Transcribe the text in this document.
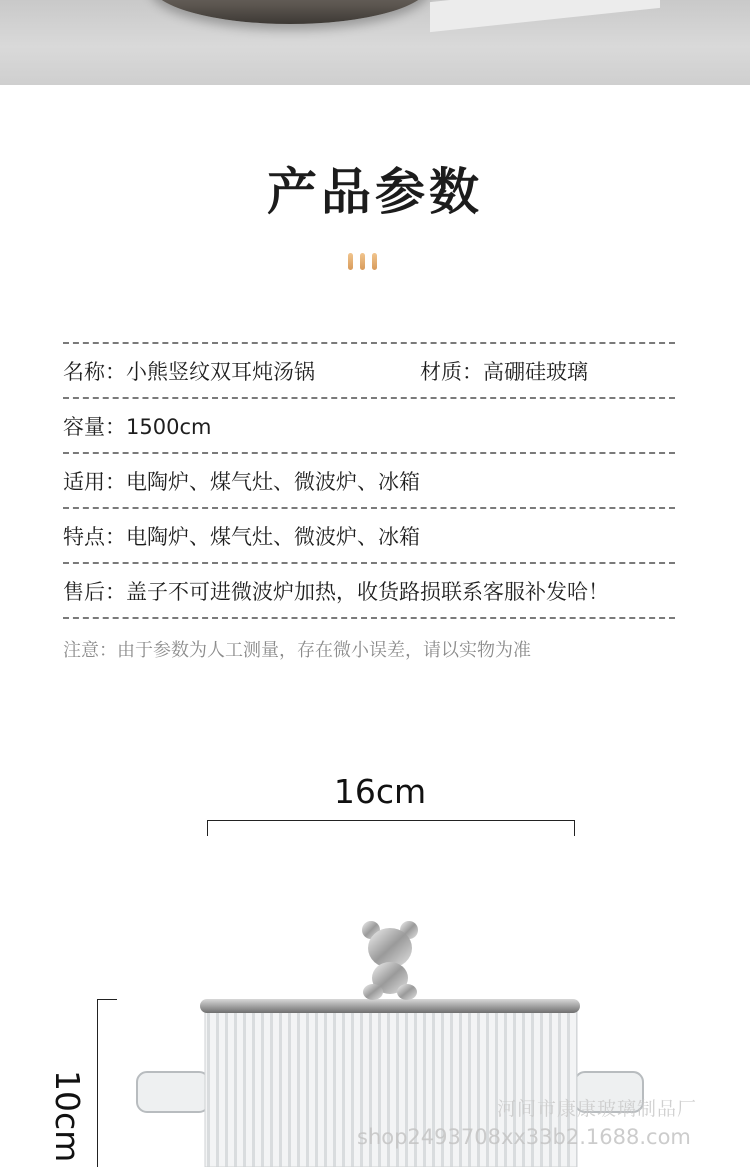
产品参数
名称：小熊竖纹双耳炖汤锅	材质：高硼硅玻璃
容量：1500cm
适用：电陶炉、煤气灶、微波炉、冰箱
特点：电陶炉、煤气灶、微波炉、冰箱
售后：盖子不可进微波炉加热，收货路损联系客服补发哈！
注意：由于参数为人工测量，存在微小误差，请以实物为准
16cm
10cm	河间市康康玻璃制品厂
shop2493708xx33b2.1688.com
